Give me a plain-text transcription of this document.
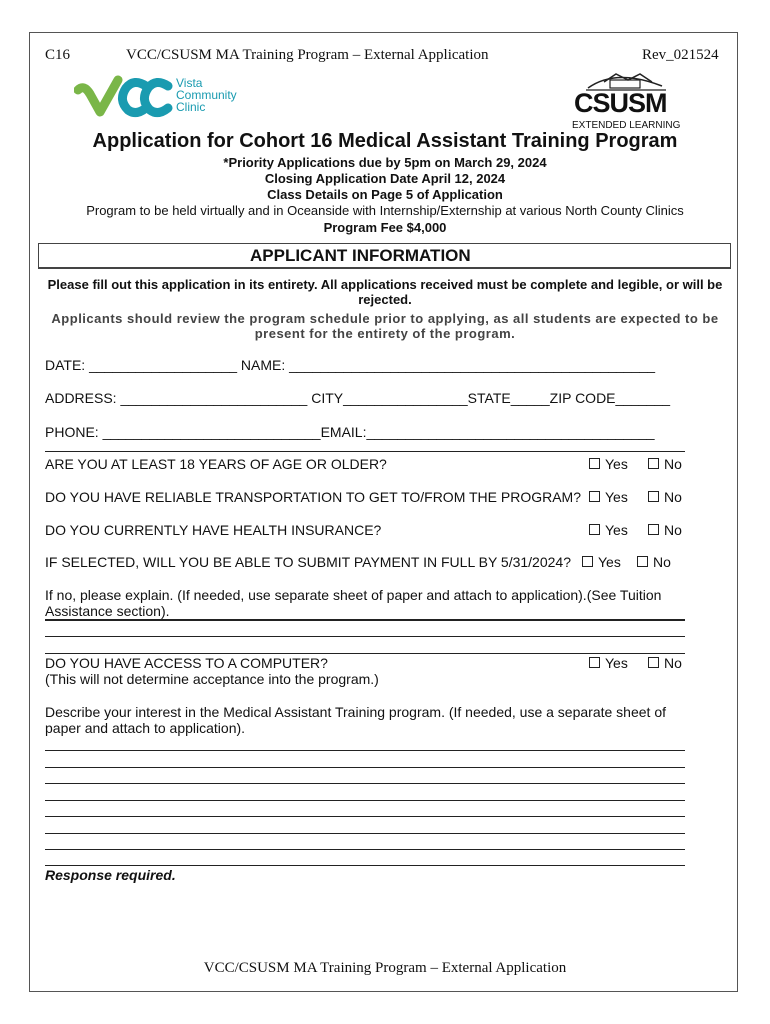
C16	VCC/CSUSM MA Training Program – External Application	Rev_021524
Vista
Community
Clinic	CSUSM
EXTENDED LEARNING
Application for Cohort 16 Medical Assistant Training Program
*Priority Applications due by 5pm on March 29, 2024
Closing Application Date April 12, 2024
Class Details on Page 5 of Application
Program to be held virtually and in Oceanside with Internship/Externship at various North County Clinics
Program Fee $4,000
APPLICANT INFORMATION
Please fill out this application in its entirety. All applications received must be complete and legible, or will be rejected.
Applicants should review the program schedule prior to applying, as all students are expected to be present for the entirety of the program.
DATE: ___________________ NAME: _______________________________________________
ADDRESS: ________________________ CITY________________STATE_____ZIP CODE_______
PHONE: ____________________________EMAIL:_____________________________________
ARE YOU AT LEAST 18 YEARS OF AGE OR OLDER?	Yes	No
DO YOU HAVE RELIABLE TRANSPORTATION TO GET TO/FROM THE PROGRAM?	Yes	No
DO YOU CURRENTLY HAVE HEALTH INSURANCE?	Yes	No
IF SELECTED, WILL YOU BE ABLE TO SUBMIT PAYMENT IN FULL BY 5/31/2024?	Yes	No
If no, please explain. (If needed, use separate sheet of paper and attach to application).(See Tuition Assistance section).
DO YOU HAVE ACCESS TO A COMPUTER?	Yes	No
(This will not determine acceptance into the program.)
Describe your interest in the Medical Assistant Training program. (If needed, use a separate sheet of paper and attach to application).
Response required.
VCC/CSUSM MA Training Program – External Application
